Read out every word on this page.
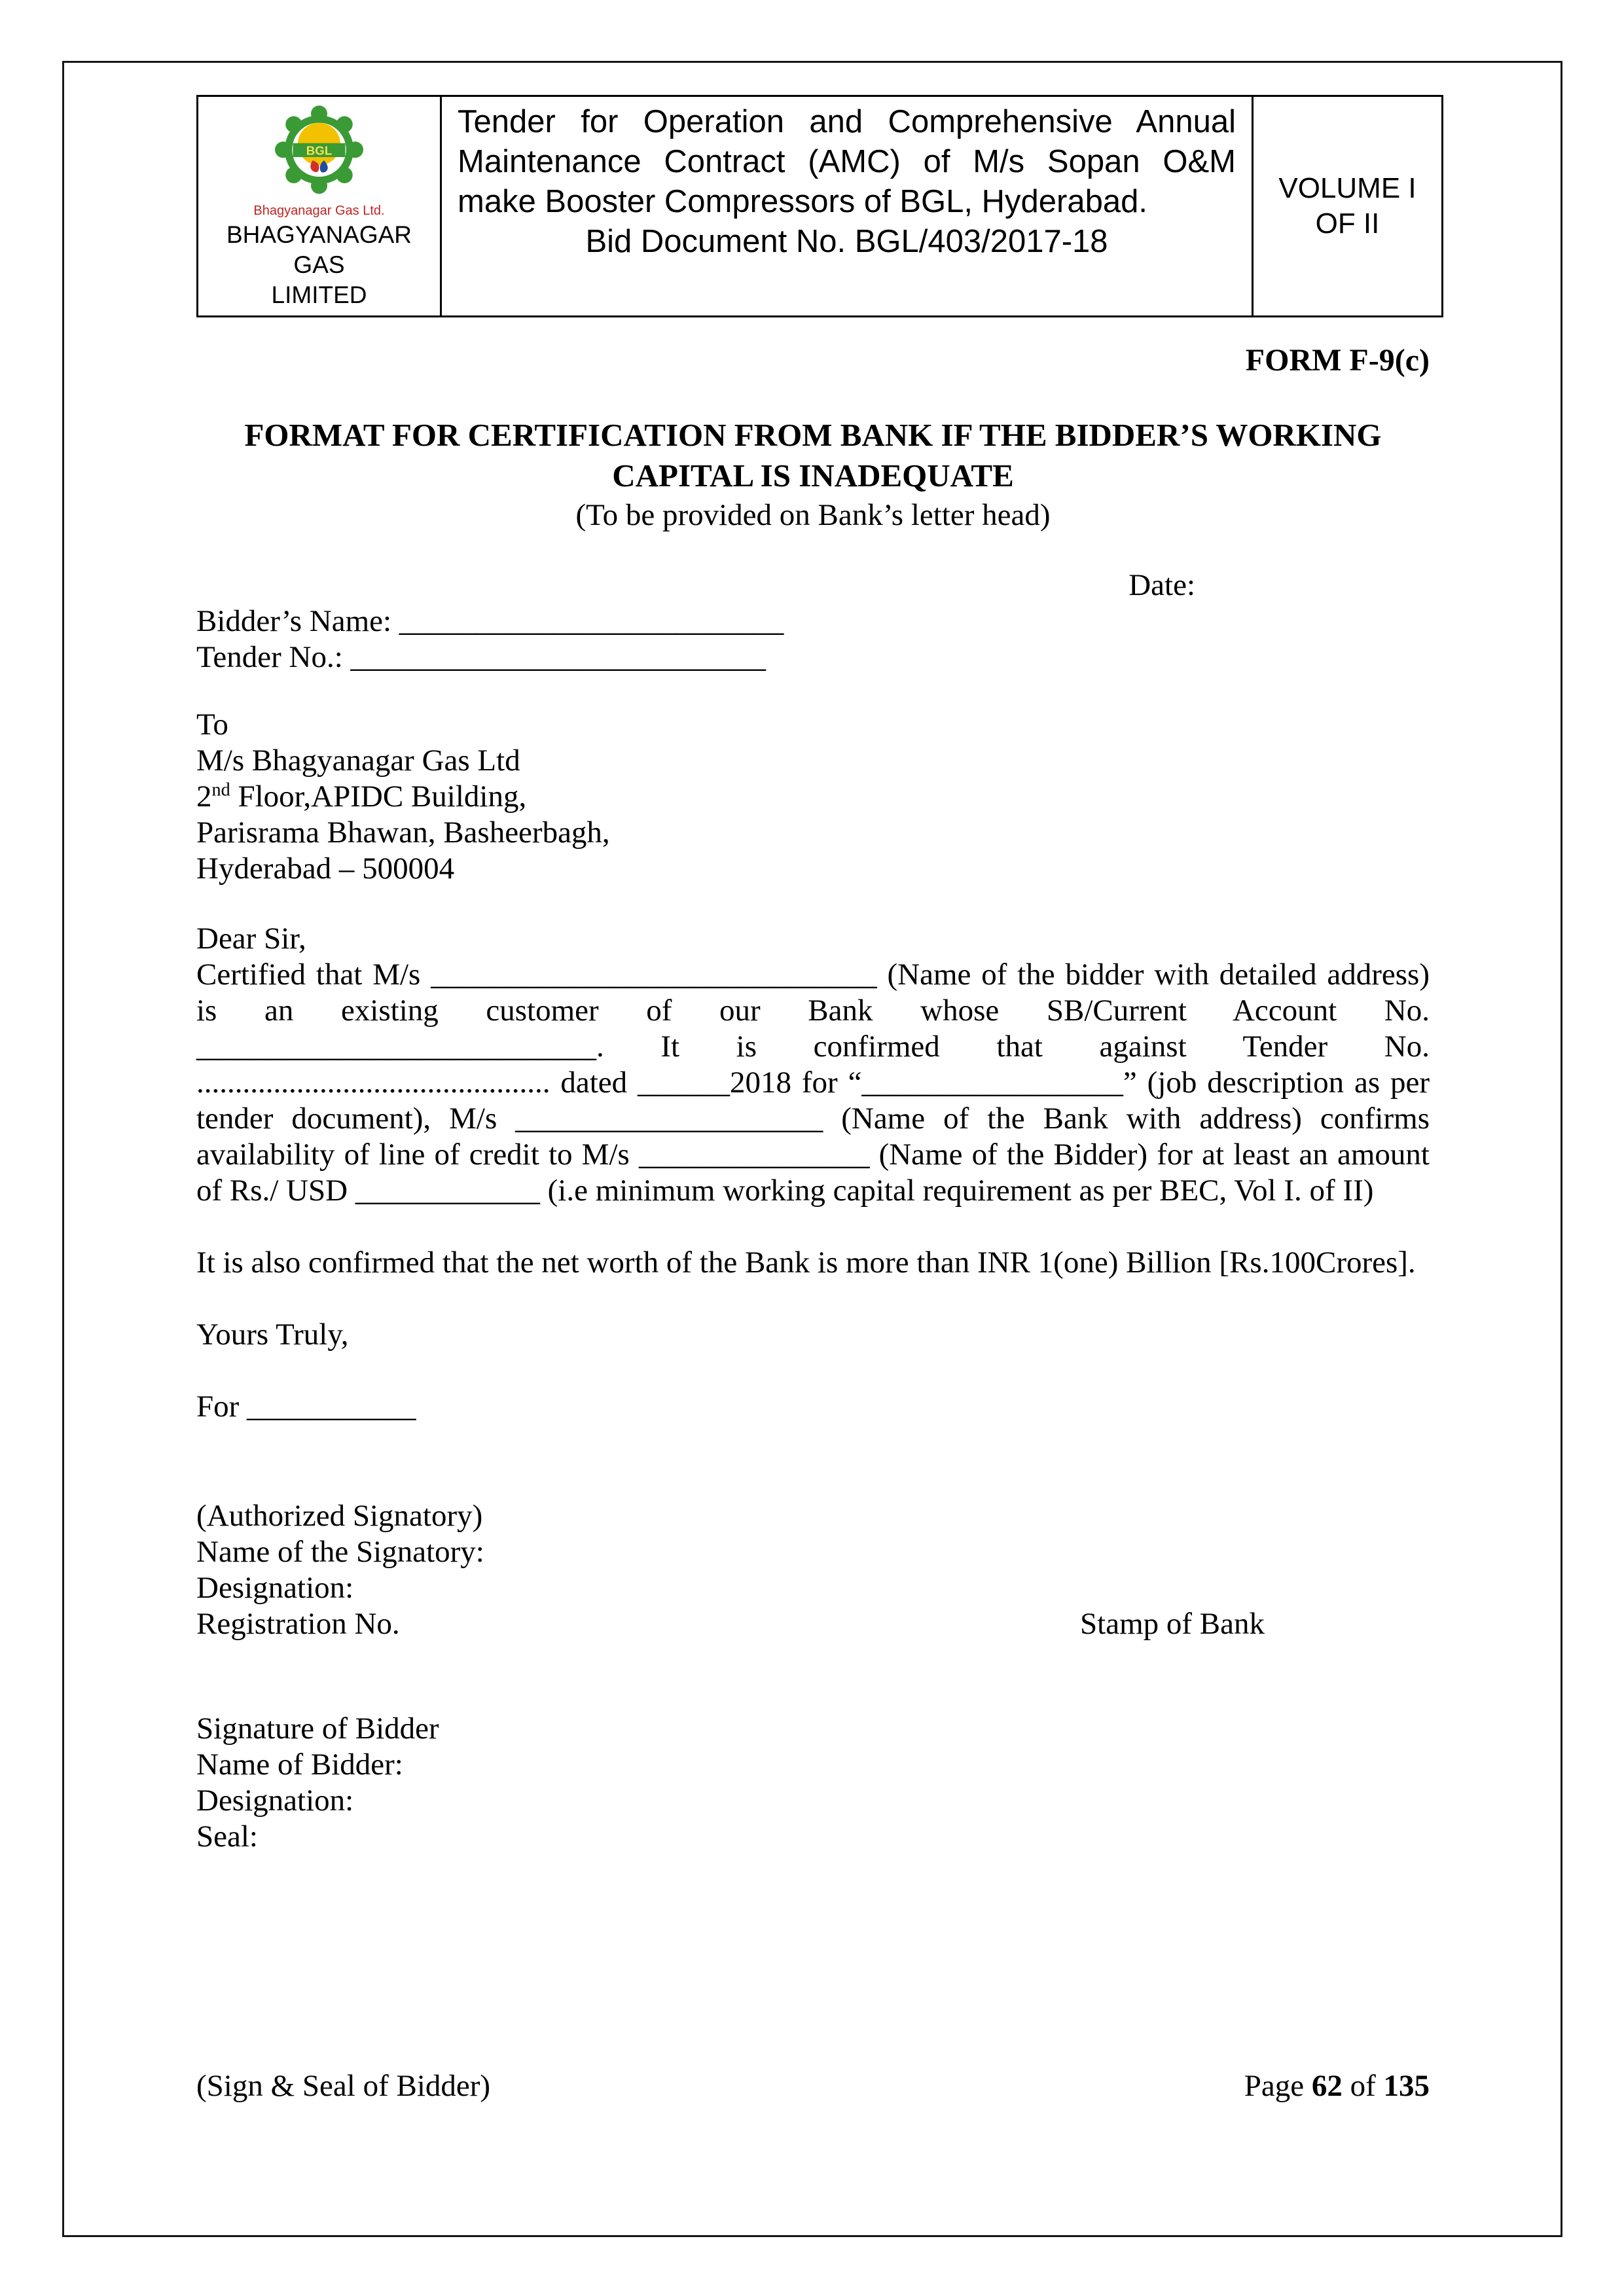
BGL
Bhagyanagar Gas Ltd.
BHAGYANAGAR GAS
LIMITED
Tender for Operation and Comprehensive Annual Maintenance Contract (AMC) of M/s Sopan O&M make Booster Compressors of BGL, Hyderabad.
Bid Document No. BGL/403/2017-18
VOLUME I
OF II
FORM F-9(c)
FORMAT FOR CERTIFICATION FROM BANK IF THE BIDDER’S WORKING
CAPITAL IS INADEQUATE
(To be provided on Bank’s letter head)
Date:
Bidder’s Name: _________________________
Tender No.: ___________________________
To
M/s Bhagyanagar Gas Ltd
2nd Floor,APIDC Building,
Parisrama Bhawan, Basheerbagh,
Hyderabad – 500004
Dear Sir,
Certified that M/s _____________________________ (Name of the bidder with detailed address) is an existing customer of our Bank whose SB/Current Account No. __________________________. It is confirmed that against Tender No. .............................................. dated ______2018 for “_________________” (job description as per tender document), M/s ____________________ (Name of the Bank with address) confirms availability of line of credit to M/s _______________ (Name of the Bidder) for at least an amount of Rs./ USD ____________ (i.e minimum working capital requirement as per BEC, Vol I. of II)
It is also confirmed that the net worth of the Bank is more than INR 1(one) Billion [Rs.100Crores].
Yours Truly,
For ___________
(Authorized Signatory)
Name of the Signatory:
Designation:
Registration No.	Stamp of Bank
Signature of Bidder
Name of Bidder:
Designation:
Seal:
(Sign & Seal of Bidder)	Page 62 of 135
